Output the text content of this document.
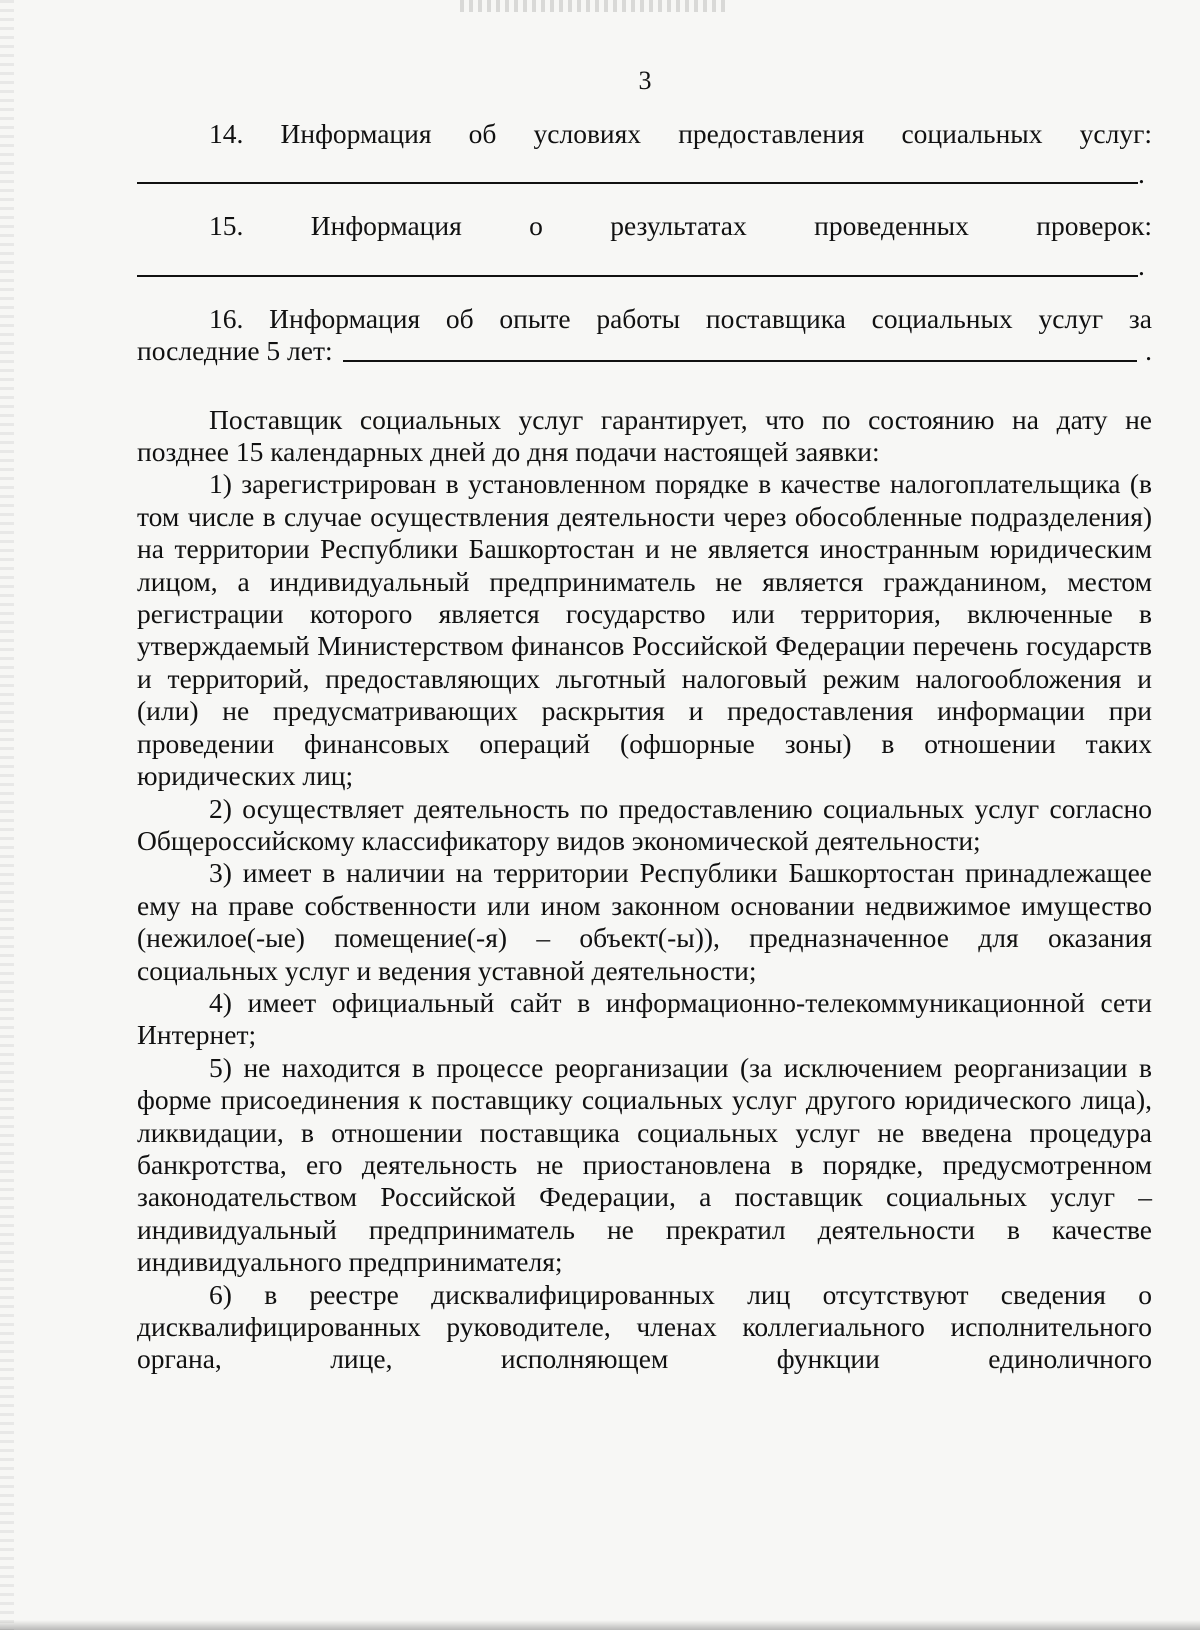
3

14. Информация об условиях предоставления социальных услуг:

.

15. Информация о результатах проведенных проверок:

.

16. Информация об опыте работы поставщика социальных услуг за

последние 5 лет:	.

Поставщик социальных услуг гарантирует, что по состоянию на дату не позднее 15 календарных дней до дня подачи настоящей заявки:

1) зарегистрирован в установленном порядке в качестве налогоплательщика (в том числе в случае осуществления деятельности через обособленные подразделения) на территории Республики Башкортостан и не является иностранным юридическим лицом, а индивидуальный предприниматель не является гражданином, местом регистрации которого является государство или территория, включенные в утверждаемый Министерством финансов Российской Федерации перечень государств и территорий, предоставляющих льготный налоговый режим налогообложения и (или) не предусматривающих раскрытия и предоставления информации при проведении финансовых операций (офшорные зоны) в отношении таких юридических лиц;

2) осуществляет деятельность по предоставлению социальных услуг согласно Общероссийскому классификатору видов экономической деятельности;

3) имеет в наличии на территории Республики Башкортостан принадлежащее ему на праве собственности или ином законном основании недвижимое имущество (нежилое(-ые) помещение(-я) – объект(-ы)), предназначенное для оказания социальных услуг и ведения уставной деятельности;

4) имеет официальный сайт в информационно-телекоммуникационной сети Интернет;

5) не находится в процессе реорганизации (за исключением реорганизации в форме присоединения к поставщику социальных услуг другого юридического лица), ликвидации, в отношении поставщика социальных услуг не введена процедура банкротства, его деятельность не приостановлена в порядке, предусмотренном законодательством Российской Федерации, а поставщик социальных услуг – индивидуальный предприниматель не прекратил деятельности в качестве индивидуального предпринимателя;

6) в реестре дисквалифицированных лиц отсутствуют сведения о дисквалифицированных руководителе, членах коллегиального исполнительного органа, лице, исполняющем функции единоличного
